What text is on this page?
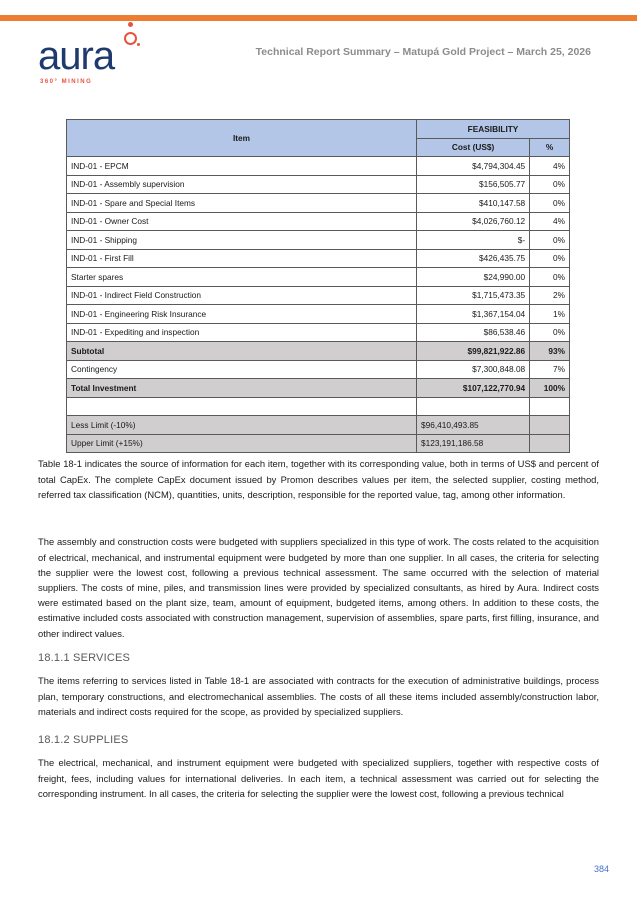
aura
360° MINING
Technical Report Summary – Matupá Gold Project – March 25, 2026
Item	FEASIBILITY	
	Cost (US$)	%
IND-01 - EPCM	$4,794,304.45	4%
IND-01 - Assembly supervision	$156,505.77	0%
IND-01 - Spare and Special Items	$410,147.58	0%
IND-01 - Owner Cost	$4,026,760.12	4%
IND-01 - Shipping	$-	0%
IND-01 - First Fill	$426,435.75	0%
Starter spares	$24,990.00	0%
IND-01 - Indirect Field Construction	$1,715,473.35	2%
IND-01 - Engineering Risk Insurance	$1,367,154.04	1%
IND-01 - Expediting and inspection	$86,538.46	0%
Subtotal	$99,821,922.86	93%
Contingency	$7,300,848.08	7%
Total Investment	$107,122,770.94	100%

Less Limit (-10%)	$96,410,493.85	
Upper Limit (+15%)	$123,191,186.58	

Table 18-1 indicates the source of information for each item, together with its corresponding value, both in terms of US$ and percent of total CapEx. The complete CapEx document issued by Promon describes values per item, the selected supplier, costing method, referred tax classification (NCM), quantities, units, description, responsible for the reported value, tag, among other information.

The assembly and construction costs were budgeted with suppliers specialized in this type of work. The costs related to the acquisition of electrical, mechanical, and instrumental equipment were budgeted by more than one supplier. In all cases, the criteria for selecting the supplier were the lowest cost, following a previous technical assessment. The same occurred with the selection of material suppliers. The costs of mine, piles, and transmission lines were provided by specialized consultants, as hired by Aura. Indirect costs were estimated based on the plant size, team, amount of equipment, budgeted items, among others. In addition to these costs, the estimative included costs associated with construction management, supervision of assemblies, spare parts, first filling, insurance, and other indirect values.

18.1.1 SERVICES

The items referring to services listed in Table 18-1 are associated with contracts for the execution of administrative buildings, process plan, temporary constructions, and electromechanical assemblies. The costs of all these items included assembly/construction labor, materials and indirect costs required for the scope, as provided by specialized suppliers.

18.1.2 SUPPLIES

The electrical, mechanical, and instrument equipment were budgeted with specialized suppliers, together with respective costs of freight, fees, including values for international deliveries. In each item, a technical assessment was carried out for selecting the corresponding instrument. In all cases, the criteria for selecting the supplier were the lowest cost, following a previous technical

384
